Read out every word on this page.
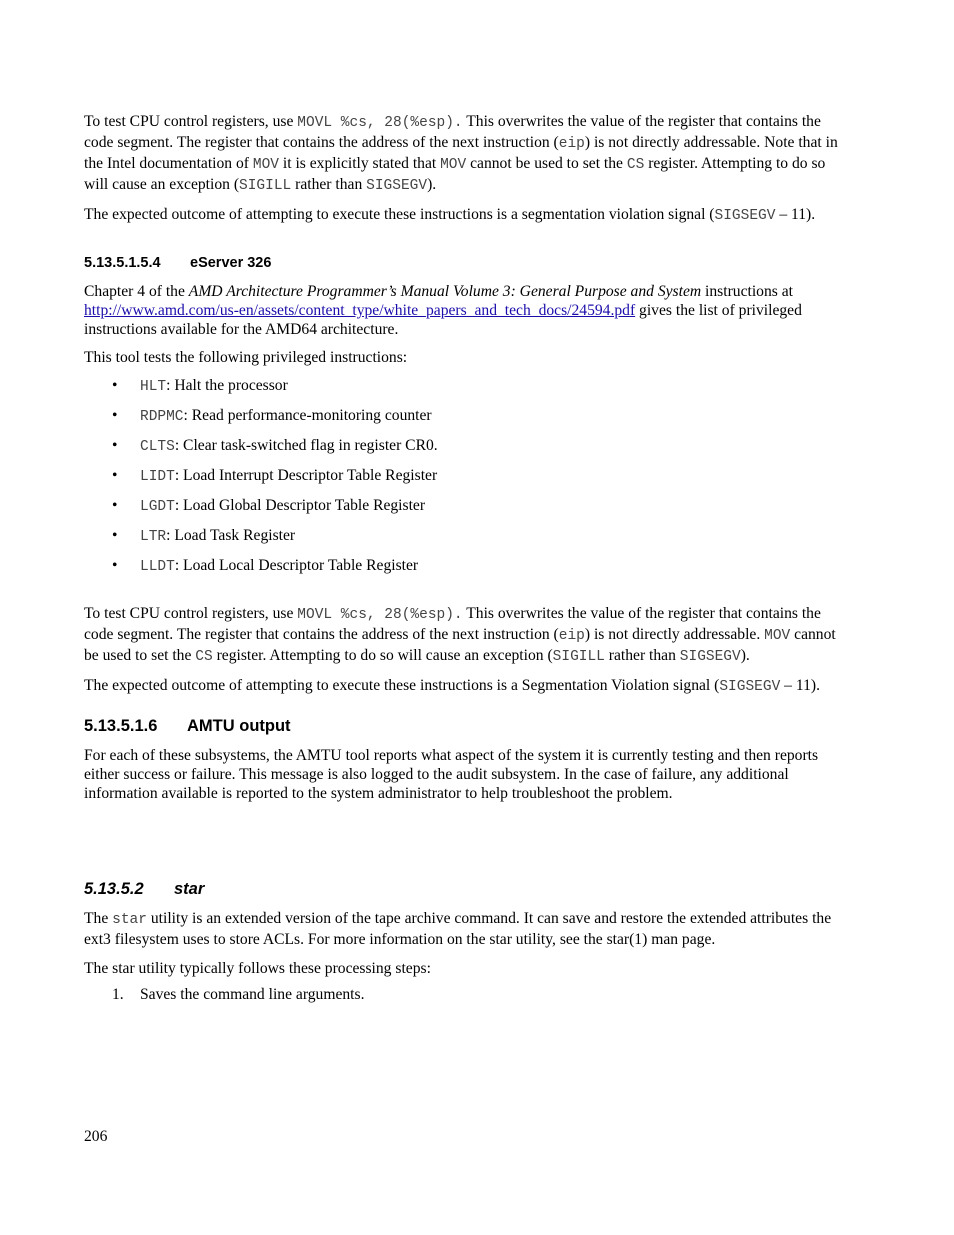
To test CPU control registers, use MOVL %cs, 28(%esp). This overwrites the value of the register that contains the code segment. The register that contains the address of the next instruction (eip) is not directly addressable. Note that in the Intel documentation of MOV it is explicitly stated that MOV cannot be used to set the CS register. Attempting to do so will cause an exception (SIGILL rather than SIGSEGV).

The expected outcome of attempting to execute these instructions is a segmentation violation signal (SIGSEGV – 11).

5.13.5.1.5.4 eServer 326

Chapter 4 of the AMD Architecture Programmer’s Manual Volume 3: General Purpose and System instructions at http://www.amd.com/us-en/assets/content_type/white_papers_and_tech_docs/24594.pdf gives the list of privileged instructions available for the AMD64 architecture.

This tool tests the following privileged instructions:

• HLT: Halt the processor
• RDPMC: Read performance-monitoring counter
• CLTS: Clear task-switched flag in register CR0.
• LIDT: Load Interrupt Descriptor Table Register
• LGDT: Load Global Descriptor Table Register
• LTR: Load Task Register
• LLDT: Load Local Descriptor Table Register

To test CPU control registers, use MOVL %cs, 28(%esp). This overwrites the value of the register that contains the code segment. The register that contains the address of the next instruction (eip) is not directly addressable. MOV cannot be used to set the CS register. Attempting to do so will cause an exception (SIGILL rather than SIGSEGV).

The expected outcome of attempting to execute these instructions is a Segmentation Violation signal (SIGSEGV – 11).

5.13.5.1.6 AMTU output

For each of these subsystems, the AMTU tool reports what aspect of the system it is currently testing and then reports either success or failure. This message is also logged to the audit subsystem. In the case of failure, any additional information available is reported to the system administrator to help troubleshoot the problem.

5.13.5.2 star

The star utility is an extended version of the tape archive command. It can save and restore the extended attributes the ext3 filesystem uses to store ACLs. For more information on the star utility, see the star(1) man page.

The star utility typically follows these processing steps:

1. Saves the command line arguments.
206
